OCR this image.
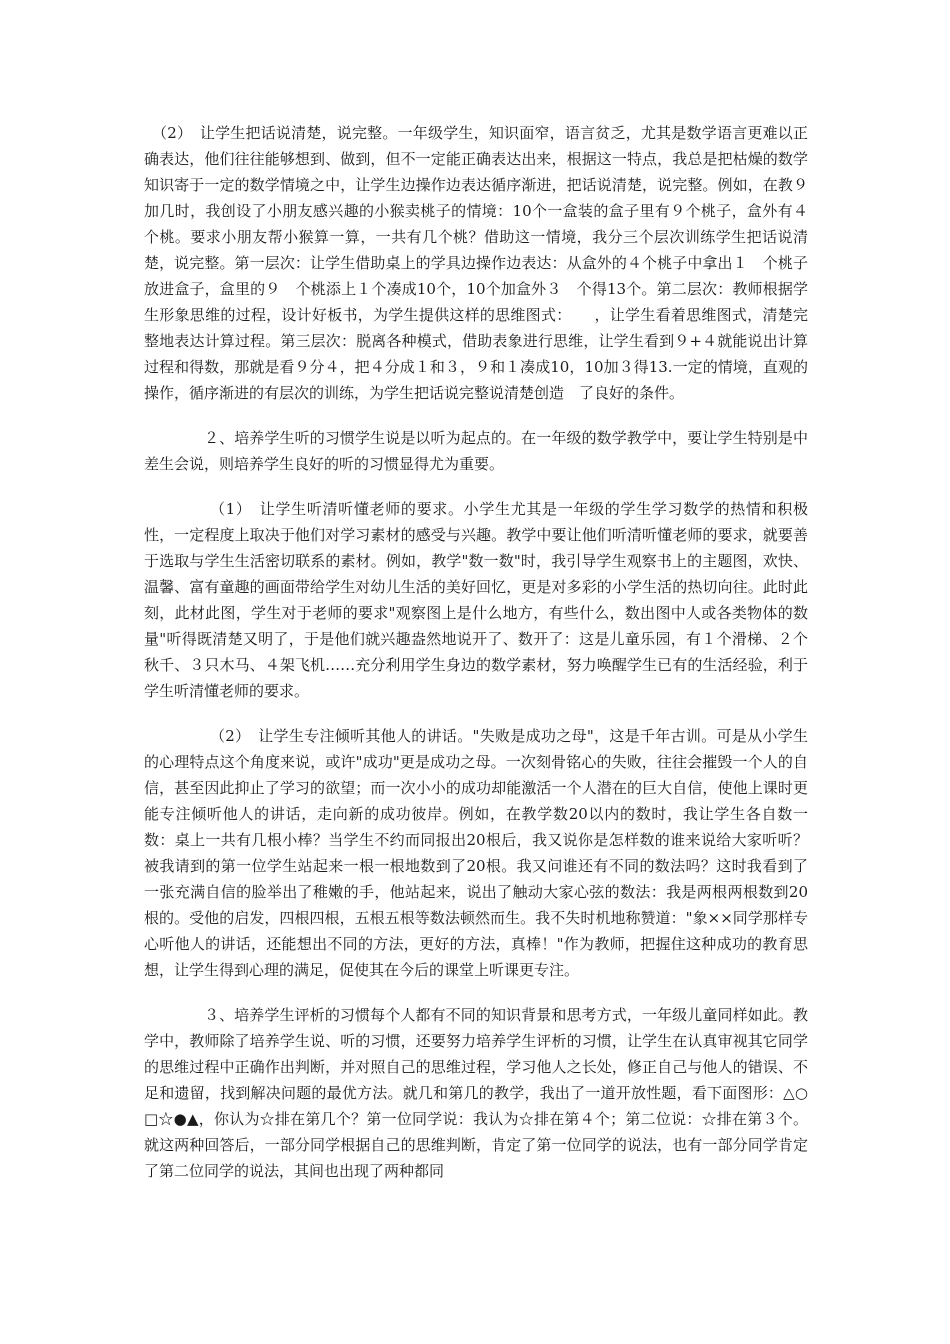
（2）　让学生把话说清楚，说完整。一年级学生，知识面窄，语言贫乏，尤其是数学语言更难以正确表达，他们往往能够想到、做到，但不一定能正确表达出来，根据这一特点，我总是把枯燥的数学知识寄于一定的数学情境之中，让学生边操作边表达循序渐进，把话说清楚，说完整。例如，在教９加几时，我创设了小朋友感兴趣的小猴卖桃子的情境：10个一盒装的盒子里有９个桃子，盒外有４　个桃。要求小朋友帮小猴算一算，一共有几个桃？借助这一情境，我分三个层次训练学生把话说清楚，说完整。第一层次：让学生借助桌上的学具边操作边表达：从盒外的４个桃子中拿出１　个桃子放进盒子，盒里的９　个桃添上１个凑成10个，10个加盒外３　个得13个。第二层次：教师根据学生形象思维的过程，设计好板书，为学生提供这样的思维图式：　　，让学生看着思维图式，清楚完整地表达计算过程。第三层次：脱离各种模式，借助表象进行思维，让学生看到９+４就能说出计算过程和得数，那就是看９分４，把４分成１和３，９和１凑成10，10加３得13.一定的情境，直观的操作，循序渐进的有层次的训练，为学生把话说完整说清楚创造　了良好的条件。

２、培养学生听的习惯学生说是以听为起点的。在一年级的数学教学中，要让学生特别是中差生会说，则培养学生良好的听的习惯显得尤为重要。

（1）　让学生听清听懂老师的要求。小学生尤其是一年级的学生学习数学的热情和积极性，一定程度上取决于他们对学习素材的感受与兴趣。教学中要让他们听清听懂老师的要求，就要善于选取与学生生活密切联系的素材。例如，教学"数一数"时，我引导学生观察书上的主题图，欢快、温馨、富有童趣的画面带给学生对幼儿生活的美好回忆，更是对多彩的小学生活的热切向往。此时此刻，此材此图，学生对于老师的要求"观察图上是什么地方，有些什么，数出图中人或各类物体的数量"听得既清楚又明了，于是他们就兴趣盎然地说开了、数开了：这是儿童乐园，有１个滑梯、２个秋千、３只木马、４架飞机……充分利用学生身边的数学素材，努力唤醒学生已有的生活经验，利于学生听清懂老师的要求。

（2）　让学生专注倾听其他人的讲话。"失败是成功之母"，这是千年古训。可是从小学生的心理特点这个角度来说，或许"成功"更是成功之母。一次刻骨铭心的失败，往往会摧毁一个人的自信，甚至因此抑止了学习的欲望；而一次小小的成功却能激活一个人潜在的巨大自信，使他上课时更能专注倾听他人的讲话，走向新的成功彼岸。例如，在教学数20以内的数时，我让学生各自数一数：桌上一共有几根小棒？当学生不约而同报出20根后，我又说你是怎样数的谁来说给大家听听？被我请到的第一位学生站起来一根一根地数到了20根。我又问谁还有不同的数法吗？这时我看到了一张充满自信的脸举出了稚嫩的手，他站起来，说出了触动大家心弦的数法：我是两根两根数到20根的。受他的启发，四根四根，五根五根等数法顿然而生。我不失时机地称赞道："象××同学那样专心听他人的讲话，还能想出不同的方法，更好的方法，真棒！"作为教师，把握住这种成功的教育思想，让学生得到心理的满足，促使其在今后的课堂上听课更专注。

３、培养学生评析的习惯每个人都有不同的知识背景和思考方式，一年级儿童同样如此。教学中，教师除了培养学生说、听的习惯，还要努力培养学生评析的习惯，让学生在认真审视其它同学的思维过程中正确作出判断，并对照自己的思维过程，学习他人之长处，修正自己与他人的错误、不足和遗留，找到解决问题的最优方法。就几和第几的教学，我出了一道开放性题，看下面图形：△○□☆●▲，你认为☆排在第几个？第一位同学说：我认为☆排在第４个；第二位说：☆排在第３个。就这两种回答后，一部分同学根据自己的思维判断，肯定了第一位同学的说法，也有一部分同学肯定了第二位同学的说法，其间也出现了两种都同
